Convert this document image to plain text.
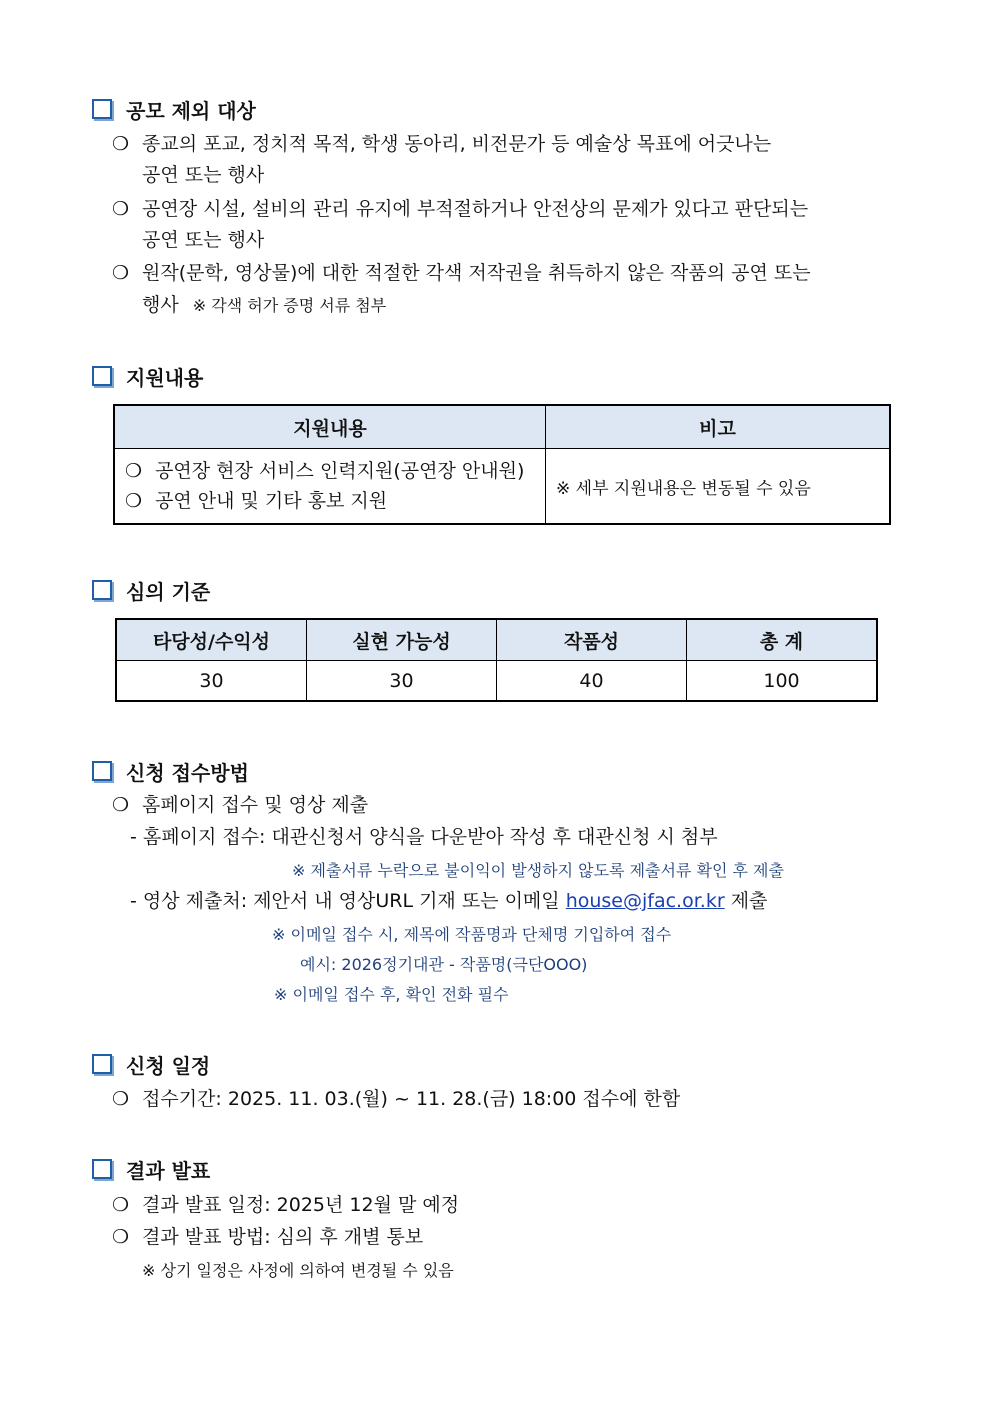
공모 제외 대상
❍ 종교의 포교, 정치적 목적, 학생 동아리, 비전문가 등 예술상 목표에 어긋나는
공연 또는 행사
❍ 공연장 시설, 설비의 관리 유지에 부적절하거나 안전상의 문제가 있다고 판단되는
공연 또는 행사
❍ 원작(문학, 영상물)에 대한 적절한 각색 저작권을 취득하지 않은 작품의 공연 또는
행사 ※ 각색 허가 증명 서류 첨부
지원내용
지원내용	비고

❍ 공연장 현장 서비스 인력지원(공연장 안내원)
❍ 공연 안내 및 기타 홍보 지원	※ 세부 지원내용은 변동될 수 있음
심의 기준
타당성/수익성	실현 가능성	작품성	총 계
30	30	40	100
신청 접수방법
❍ 홈페이지 접수 및 영상 제출
- 홈페이지 접수: 대관신청서 양식을 다운받아 작성 후 대관신청 시 첨부
※ 제출서류 누락으로 불이익이 발생하지 않도록 제출서류 확인 후 제출
- 영상 제출처: 제안서 내 영상URL 기재 또는 이메일 house@jfac.or.kr 제출
※ 이메일 접수 시, 제목에 작품명과 단체명 기입하여 접수
예시: 2026정기대관 - 작품명(극단OOO)
※ 이메일 접수 후, 확인 전화 필수
신청 일정
❍ 접수기간: 2025. 11. 03.(월) ~ 11. 28.(금) 18:00 접수에 한함
결과 발표
❍ 결과 발표 일정: 2025년 12월 말 예정
❍ 결과 발표 방법: 심의 후 개별 통보
※ 상기 일정은 사정에 의하여 변경될 수 있음
